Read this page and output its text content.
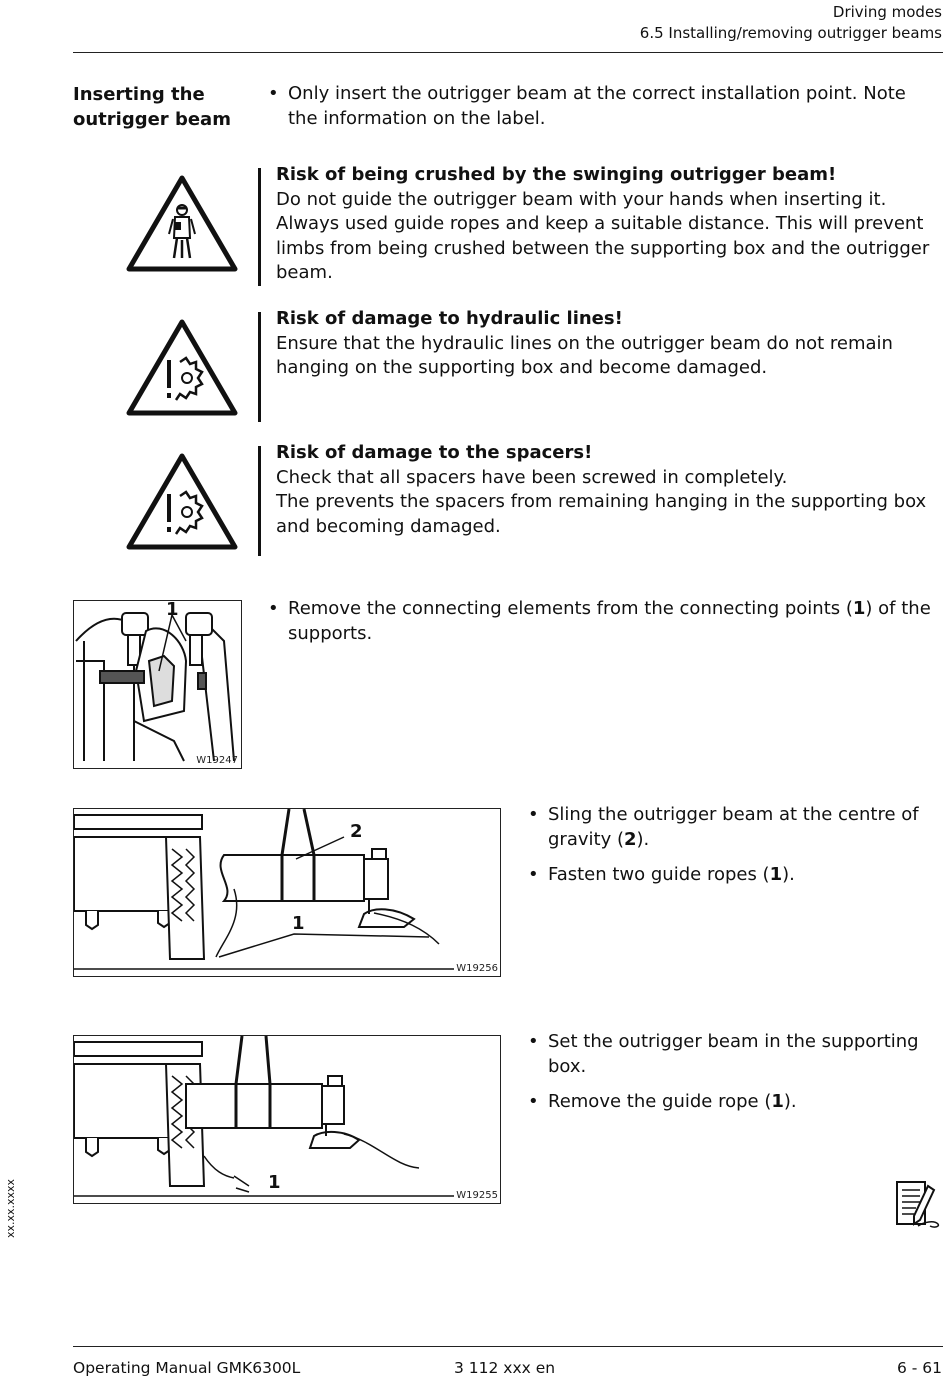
Driving modes
6.5 Installing/removing outrigger beams
Inserting the
outrigger beam
• Only insert the outrigger beam at the correct installation point. Note the information on the label.
Risk of being crushed by the swinging outrigger beam!
Do not guide the outrigger beam with your hands when inserting it. Always used guide ropes and keep a suitable distance. This will prevent limbs from being crushed between the supporting box and the outrigger beam.
Risk of damage to hydraulic lines!
Ensure that the hydraulic lines on the outrigger beam do not remain hanging on the supporting box and become damaged.
Risk of damage to the spacers!
Check that all spacers have been screwed in completely.
The prevents the spacers from remaining hanging in the supporting box and becoming damaged.
1
W19247
• Remove the connecting elements from the connecting points (1) of the supports.
2
1
W19256
• Sling the outrigger beam at the centre of gravity (2).
• Fasten two guide ropes (1).
1
W19255
• Set the outrigger beam in the supporting box.
• Remove the guide rope (1).
xx.xx.xxxx
Operating Manual GMK6300L	3 112 xxx en	6 - 61
